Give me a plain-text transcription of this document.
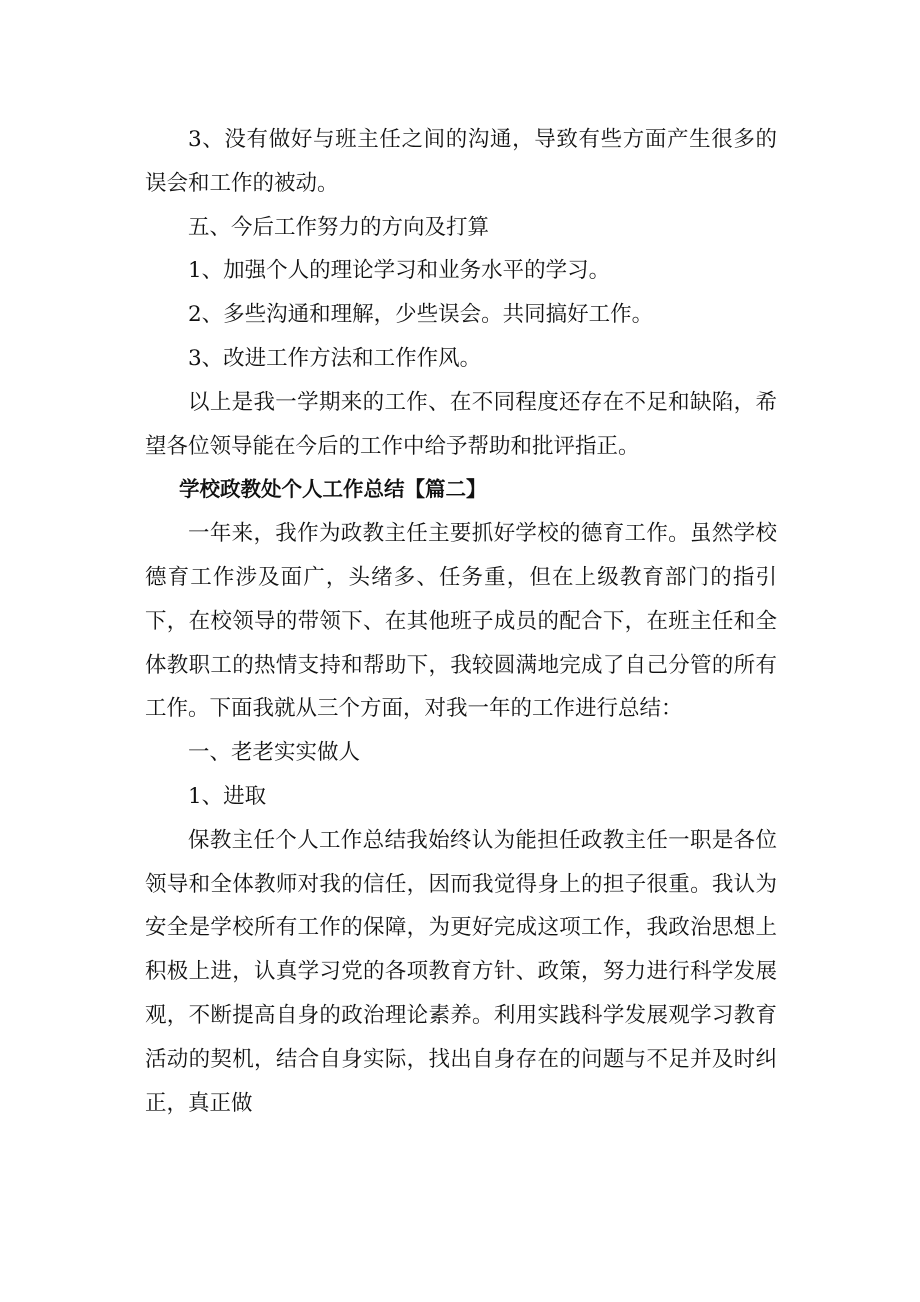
3、没有做好与班主任之间的沟通，导致有些方面产生很多的误会和工作的被动。

五、今后工作努力的方向及打算

1、加强个人的理论学习和业务水平的学习。

2、多些沟通和理解，少些误会。共同搞好工作。

3、改进工作方法和工作作风。

以上是我一学期来的工作、在不同程度还存在不足和缺陷，希望各位领导能在今后的工作中给予帮助和批评指正。

学校政教处个人工作总结【篇二】

一年来，我作为政教主任主要抓好学校的德育工作。虽然学校德育工作涉及面广，头绪多、任务重，但在上级教育部门的指引下，在校领导的带领下、在其他班子成员的配合下，在班主任和全体教职工的热情支持和帮助下，我较圆满地完成了自己分管的所有工作。下面我就从三个方面，对我一年的工作进行总结：

一、老老实实做人

1、进取

保教主任个人工作总结我始终认为能担任政教主任一职是各位领导和全体教师对我的信任，因而我觉得身上的担子很重。我认为安全是学校所有工作的保障，为更好完成这项工作，我政治思想上积极上进，认真学习党的各项教育方针、政策，努力进行科学发展观，不断提高自身的政治理论素养。利用实践科学发展观学习教育活动的契机，结合自身实际，找出自身存在的问题与不足并及时纠正，真正做
